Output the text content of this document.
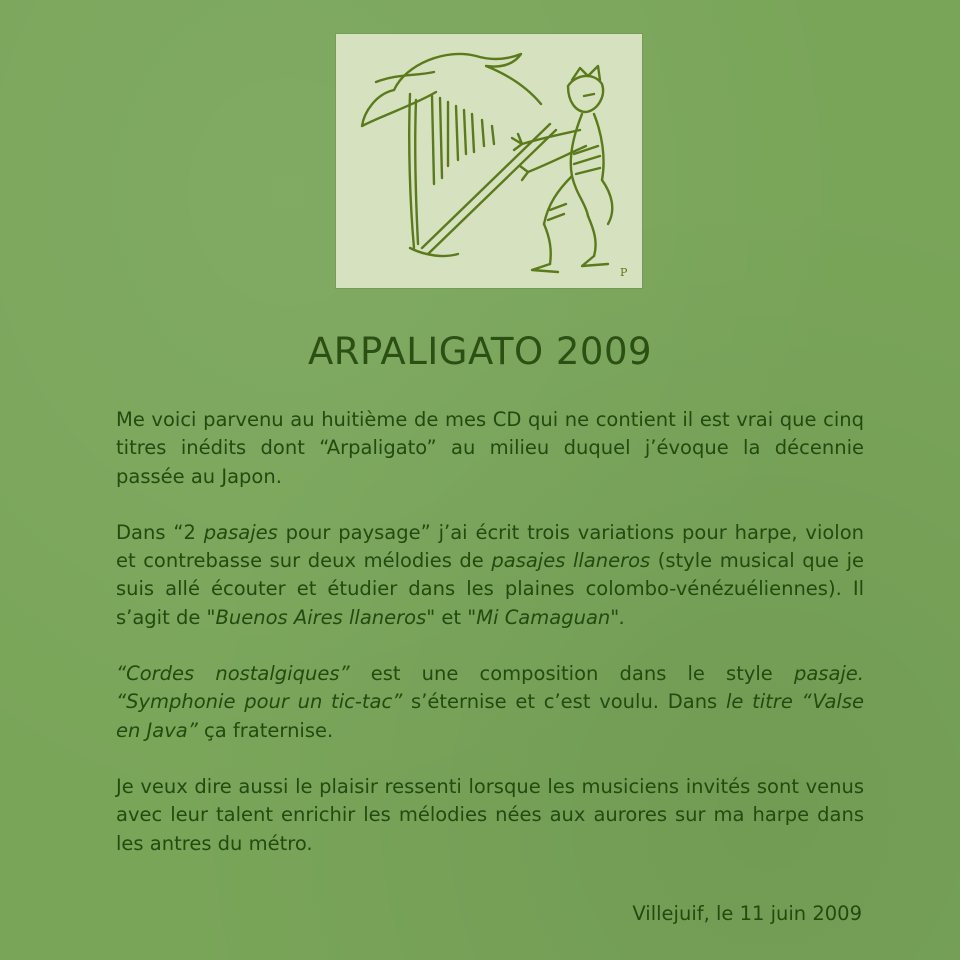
P
ARPALIGATO 2009

Me voici parvenu au huitième de mes CD qui ne contient il est vrai que cinq titres inédits dont “Arpaligato” au milieu duquel j’évoque la décennie passée au Japon.

Dans “2 pasajes pour paysage” j’ai écrit trois variations pour harpe, violon et contrebasse sur deux mélodies de pasajes llaneros (style musical que je suis allé écouter et étudier dans les plaines colombo-vénézuéliennes). Il s’agit de "Buenos Aires llaneros" et "Mi Camaguan".

“Cordes nostalgiques” est une composition dans le style pasaje. “Symphonie pour un tic-tac” s’éternise et c’est voulu. Dans le titre “Valse en Java” ça fraternise.

Je veux dire aussi le plaisir ressenti lorsque les musiciens invités sont venus avec leur talent enrichir les mélodies nées aux aurores sur ma harpe dans les antres du métro.

Villejuif, le 11 juin 2009
